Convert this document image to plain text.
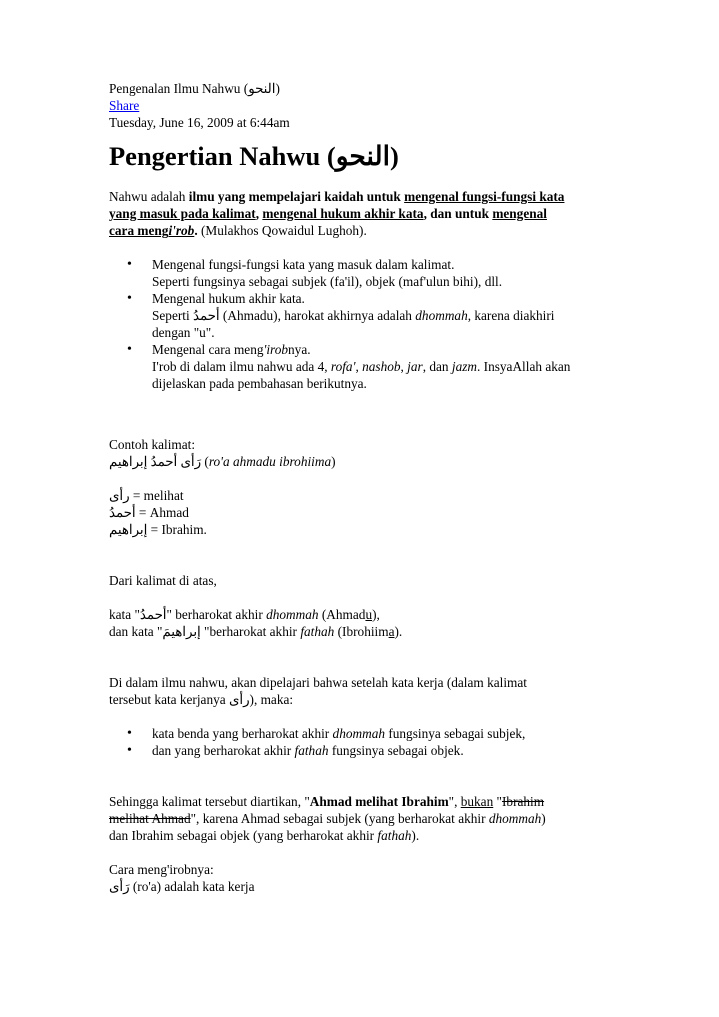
Pengenalan Ilmu Nahwu (النحو)
Share
Tuesday, June 16, 2009 at 6:44am
Pengertian Nahwu (النحو)
Nahwu adalah ilmu yang mempelajari kaidah untuk mengenal fungsi-fungsi kata
yang masuk pada kalimat, mengenal hukum akhir kata, dan untuk mengenal
cara mengi'rob. (Mulakhos Qowaidul Lughoh).
• Mengenal fungsi-fungsi kata yang masuk dalam kalimat.
Seperti fungsinya sebagai subjek (fa'il), objek (maf'ulun bihi), dll.
• Mengenal hukum akhir kata.
Seperti أحمدُ (Ahmadu), harokat akhirnya adalah dhommah, karena diakhiri
dengan "u".
• Mengenal cara meng'irobnya.
I'rob di dalam ilmu nahwu ada 4, rofa', nashob, jar, dan jazm. InsyaAllah akan
dijelaskan pada pembahasan berikutnya.
Contoh kalimat:
رَأى أحمدُ إبراهيم (ro'a ahmadu ibrohiima)
رأى = melihat
أحمدُ = Ahmad
إبراهيم = Ibrahim.
Dari kalimat di atas,
kata "أحمدُ" berharokat akhir dhommah (Ahmadu),
dan kata "إبراهيمَ "berharokat akhir fathah (Ibrohiima).
Di dalam ilmu nahwu, akan dipelajari bahwa setelah kata kerja (dalam kalimat
tersebut kata kerjanya رأى), maka:
• kata benda yang berharokat akhir dhommah fungsinya sebagai subjek,
• dan yang berharokat akhir fathah fungsinya sebagai objek.
Sehingga kalimat tersebut diartikan, "Ahmad melihat Ibrahim", bukan "Ibrahim
melihat Ahmad", karena Ahmad sebagai subjek (yang berharokat akhir dhommah)
dan Ibrahim sebagai objek (yang berharokat akhir fathah).
Cara meng'irobnya:
رَأى (ro'a) adalah kata kerja
